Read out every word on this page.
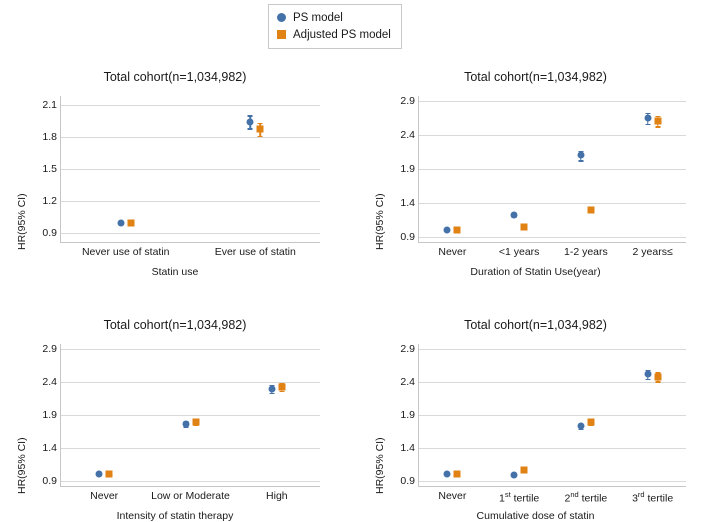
PS model
Adjusted PS model
Total cohort(n=1,034,982)
HR(95% CI) 0.9
1.2
1.5
1.8
2.1
Never use of statin	Ever use of statin
Statin use
Total cohort(n=1,034,982)
HR(95% CI) 0.9
1.4
1.9
2.4
2.9
Never	<1 years 1-2 years 2 years≤
Duration of Statin Use(year)
Total cohort(n=1,034,982)
HR(95% CI) 0.9
1.4
1.9
2.4
2.9
Never	Low or Moderate	High
Intensity of statin therapy
Total cohort(n=1,034,982)
HR(95% CI) 0.9
1.4
1.9
2.4
2.9
Never	1st tertile 2nd tertile 3rd tertile
Cumulative dose of statin
